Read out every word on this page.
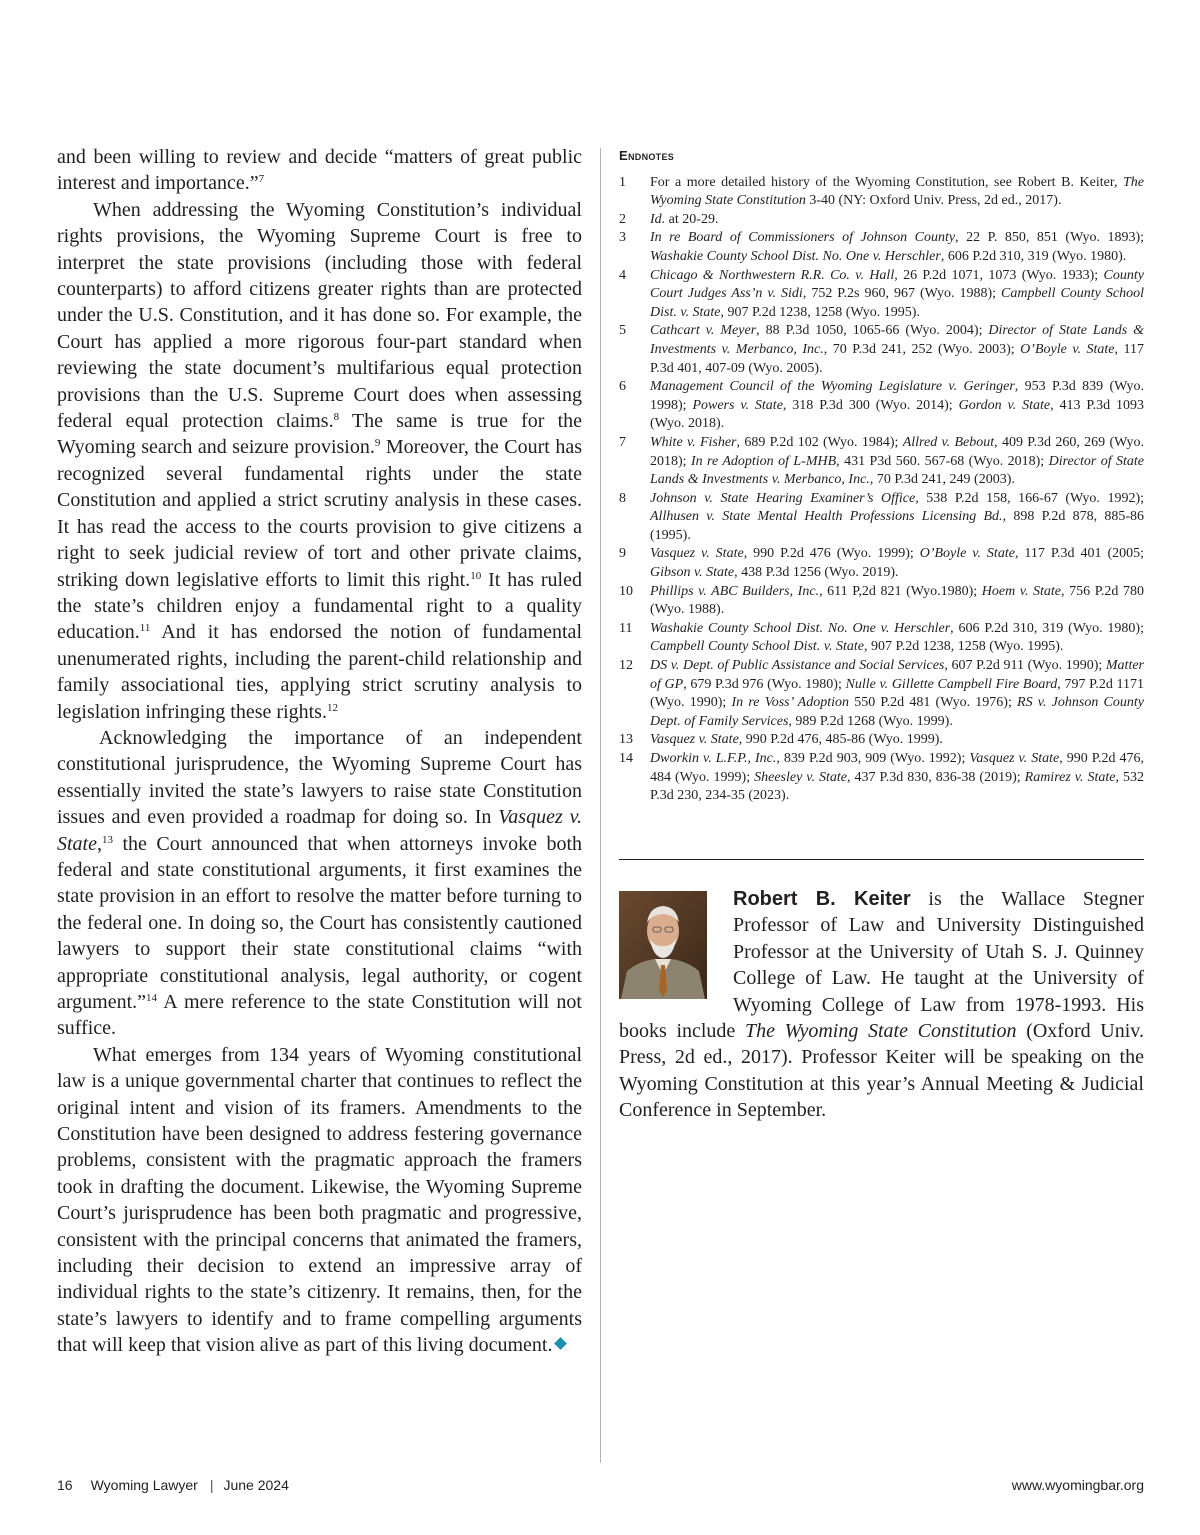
and been willing to review and decide “matters of great public interest and importance.”$^7$

When addressing the Wyoming Constitution’s individual rights provisions, the Wyoming Supreme Court is free to interpret the state provisions (including those with federal counterparts) to afford citizens greater rights than are protected under the U.S. Constitution, and it has done so. For example, the Court has applied a more rigorous four-part standard when reviewing the state document’s multifarious equal protection provisions than the U.S. Supreme Court does when assessing federal equal protection claims.$^8$ The same is true for the Wyoming search and seizure provision.$^9$ Moreover, the Court has recognized several fundamental rights under the state Constitution and applied a strict scrutiny analysis in these cases. It has read the access to the courts provision to give citizens a right to seek judicial review of tort and other private claims, striking down legislative efforts to limit this right.$^{10}$ It has ruled the state’s children enjoy a fundamental right to a quality education.$^{11}$ And it has endorsed the notion of fundamental unenumerated rights, including the parent-child relationship and family associational ties, applying strict scrutiny analysis to legislation infringing these rights.$^{12}$

Acknowledging the importance of an independent constitutional jurisprudence, the Wyoming Supreme Court has essentially invited the state’s lawyers to raise state Constitution issues and even provided a roadmap for doing so. In Vasquez v. State,$^{13}$ the Court announced that when attorneys invoke both federal and state constitutional arguments, it first examines the state provision in an effort to resolve the matter before turning to the federal one. In doing so, the Court has consistently cautioned lawyers to support their state constitutional claims “with appropriate constitutional analysis, legal authority, or cogent argument.”$^{14}$ A mere reference to the state Constitution will not suffice.

What emerges from 134 years of Wyoming constitutional law is a unique governmental charter that continues to reflect the original intent and vision of its framers. Amendments to the Constitution have been designed to address festering governance problems, consistent with the pragmatic approach the framers took in drafting the document. Likewise, the Wyoming Supreme Court’s jurisprudence has been both pragmatic and progressive, consistent with the principal concerns that animated the framers, including their decision to extend an impressive array of individual rights to the state’s citizenry. It remains, then, for the state’s lawyers to identify and to frame compelling arguments that will keep that vision alive as part of this living document.

Endnotes
1	For a more detailed history of the Wyoming Constitution, see Robert B. Keiter, The Wyoming State Constitution 3-40 (NY: Oxford Univ. Press, 2d ed., 2017).
2	Id. at 20-29.
3	In re Board of Commissioners of Johnson County, 22 P. 850, 851 (Wyo. 1893); Washakie County School Dist. No. One v. Herschler, 606 P.2d 310, 319 (Wyo. 1980).
4	Chicago & Northwestern R.R. Co. v. Hall, 26 P.2d 1071, 1073 (Wyo. 1933); County Court Judges Ass’n v. Sidi, 752 P.2s 960, 967 (Wyo. 1988); Campbell County School Dist. v. State, 907 P.2d 1238, 1258 (Wyo. 1995).
5	Cathcart v. Meyer, 88 P.3d 1050, 1065-66 (Wyo. 2004); Director of State Lands & Investments v. Merbanco, Inc., 70 P.3d 241, 252 (Wyo. 2003); O’Boyle v. State, 117 P.3d 401, 407-09 (Wyo. 2005).
6	Management Council of the Wyoming Legislature v. Geringer, 953 P.3d 839 (Wyo. 1998); Powers v. State, 318 P.3d 300 (Wyo. 2014); Gordon v. State, 413 P.3d 1093 (Wyo. 2018).
7	White v. Fisher, 689 P.2d 102 (Wyo. 1984); Allred v. Bebout, 409 P.3d 260, 269 (Wyo. 2018); In re Adoption of L-MHB, 431 P3d 560. 567-68 (Wyo. 2018); Director of State Lands & Investments v. Merbanco, Inc., 70 P.3d 241, 249 (2003).
8	Johnson v. State Hearing Examiner’s Office, 538 P.2d 158, 166-67 (Wyo. 1992); Allhusen v. State Mental Health Professions Licensing Bd., 898 P.2d 878, 885-86 (1995).
9	Vasquez v. State, 990 P.2d 476 (Wyo. 1999); O’Boyle v. State, 117 P.3d 401 (2005; Gibson v. State, 438 P.3d 1256 (Wyo. 2019).
10	Phillips v. ABC Builders, Inc., 611 P,2d 821 (Wyo.1980); Hoem v. State, 756 P.2d 780 (Wyo. 1988).
11	Washakie County School Dist. No. One v. Herschler, 606 P.2d 310, 319 (Wyo. 1980); Campbell County School Dist. v. State, 907 P.2d 1238, 1258 (Wyo. 1995).
12	DS v. Dept. of Public Assistance and Social Services, 607 P.2d 911 (Wyo. 1990); Matter of GP, 679 P.3d 976 (Wyo. 1980); Nulle v. Gillette Campbell Fire Board, 797 P.2d 1171 (Wyo. 1990); In re Voss’ Adoption 550 P.2d 481 (Wyo. 1976); RS v. Johnson County Dept. of Family Services, 989 P.2d 1268 (Wyo. 1999).
13	Vasquez v. State, 990 P.2d 476, 485-86 (Wyo. 1999).
14	Dworkin v. L.F.P., Inc., 839 P.2d 903, 909 (Wyo. 1992); Vasquez v. State, 990 P.2d 476, 484 (Wyo. 1999); Sheesley v. State, 437 P.3d 830, 836-38 (2019); Ramirez v. State, 532 P.3d 230, 234-35 (2023).
Robert B. Keiter is the Wallace Stegner Professor of Law and University Distinguished Professor at the University of Utah S. J. Quinney College of Law. He taught at the University of Wyoming College of Law from 1978-1993. His books include The Wyoming State Constitution (Oxford Univ. Press, 2d ed., 2017). Professor Keiter will be speaking on the Wyoming Constitution at this year’s Annual Meeting & Judicial Conference in September.
16 Wyoming Lawyer | June 2024	www.wyomingbar.org
